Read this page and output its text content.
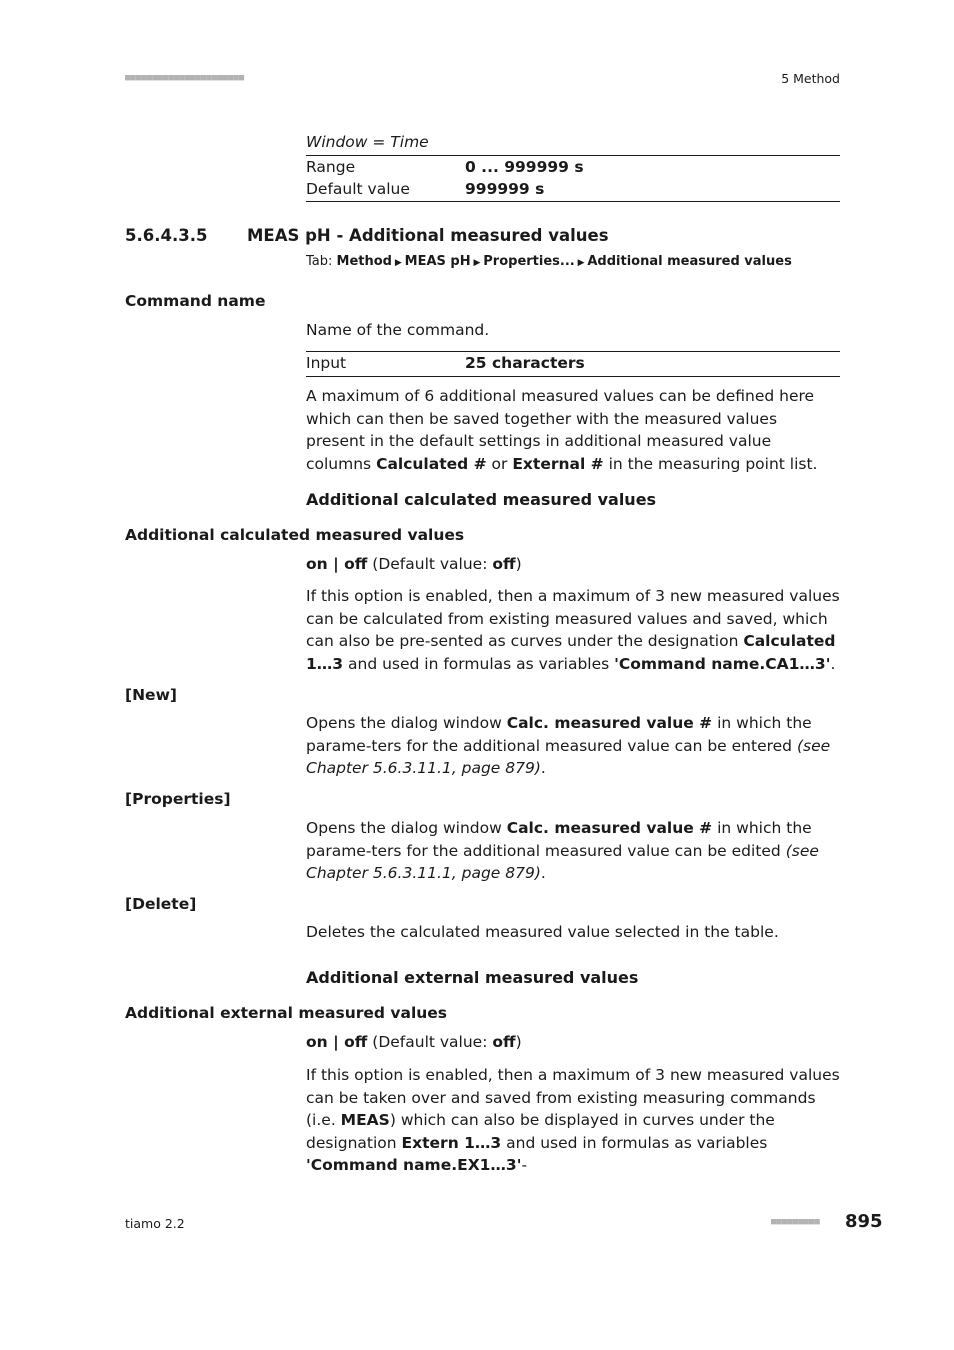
■■■■■■■■■■■■■■■■■■■■■■	5 Method
Window = Time
Range	0 ... 999999 s
Default value	999999 s
5.6.4.3.5 MEAS pH - Additional measured values
Tab: Method ▶ MEAS pH ▶ Properties... ▶ Additional measured values
Command name
Name of the command.
Input	25 characters
A maximum of 6 additional measured values can be defined here which can then be saved together with the measured values present in the default settings in additional measured value columns Calculated # or External # in the measuring point list.
Additional calculated measured values
Additional calculated measured values
on | off (Default value: off)
If this option is enabled, then a maximum of 3 new measured values can be calculated from existing measured values and saved, which can also be pre-sented as curves under the designation Calculated 1…3 and used in formulas as variables 'Command name.CA1…3'.
[New]
Opens the dialog window Calc. measured value # in which the parame-ters for the additional measured value can be entered (see Chapter 5.6.3.11.1, page 879).
[Properties]
Opens the dialog window Calc. measured value # in which the parame-ters for the additional measured value can be edited (see Chapter 5.6.3.11.1, page 879).
[Delete]
Deletes the calculated measured value selected in the table.
Additional external measured values
Additional external measured values
on | off (Default value: off)
If this option is enabled, then a maximum of 3 new measured values can be taken over and saved from existing measuring commands (i.e. MEAS) which can also be displayed in curves under the designation Extern 1…3 and used in formulas as variables 'Command name.EX1…3'-
tiamo 2.2	■■■■■■■■■ 895
